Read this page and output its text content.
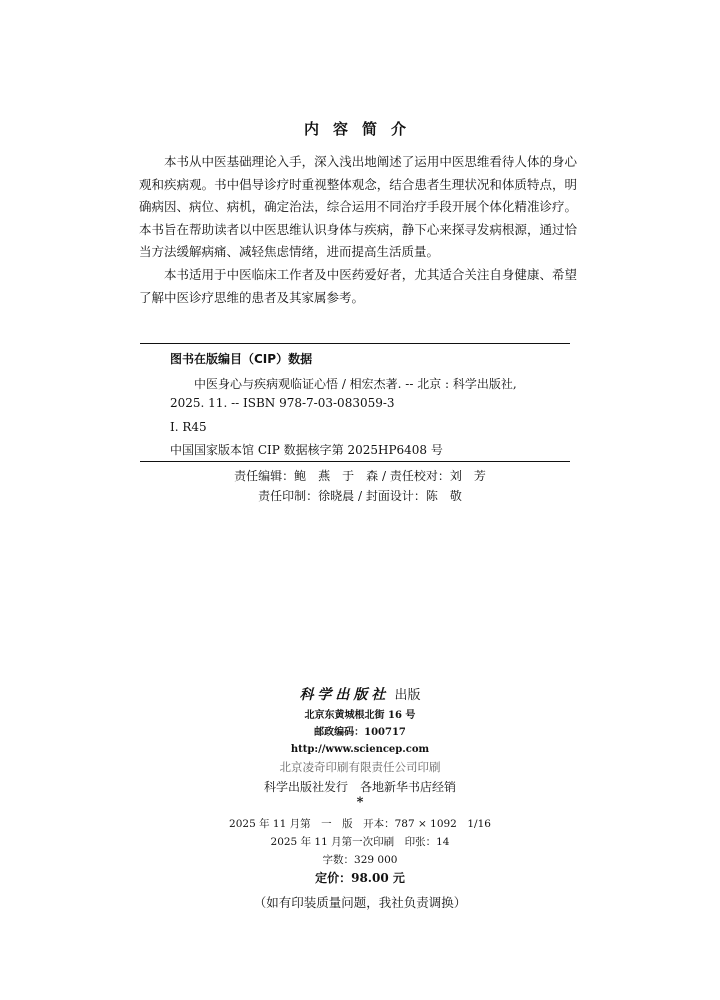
内容简介

本书从中医基础理论入手，深入浅出地阐述了运用中医思维看待人体的身心观和疾病观。书中倡导诊疗时重视整体观念，结合患者生理状况和体质特点，明确病因、病位、病机，确定治法，综合运用不同治疗手段开展个体化精准诊疗。本书旨在帮助读者以中医思维认识身体与疾病，静下心来探寻发病根源，通过恰当方法缓解病痛、减轻焦虑情绪，进而提高生活质量。

本书适用于中医临床工作者及中医药爱好者，尤其适合关注自身健康、希望了解中医诊疗思维的患者及其家属参考。

图书在版编目（CIP）数据
中医身心与疾病观临证心悟 / 相宏杰著. -- 北京 : 科学出版社,
2025. 11. -- ISBN 978-7-03-083059-3
Ⅰ. R45
中国国家版本馆 CIP 数据核字第 2025HP6408 号
责任编辑：鲍　燕　于　森 / 责任校对：刘　芳
责任印制：徐晓晨 / 封面设计：陈　敬
科学出版社 出版
北京东黄城根北街 16 号
邮政编码：100717
http://www.sciencep.com
北京凌奇印刷有限责任公司印刷
科学出版社发行　各地新华书店经销
*
2025 年 11 月第　一　版　开本：787 × 1092　1/16
2025 年 11 月第一次印刷　印张：14
字数：329 000
定价：98.00 元
（如有印装质量问题，我社负责调换）
